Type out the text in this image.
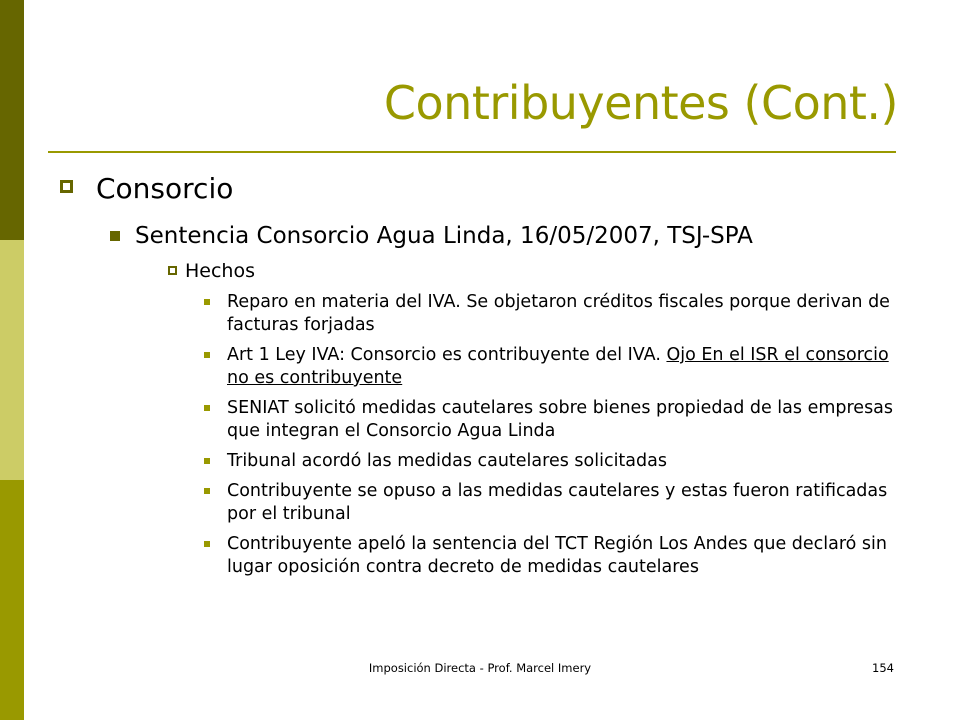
Contribuyentes (Cont.)
Consorcio
Sentencia Consorcio Agua Linda, 16/05/2007, TSJ-SPA
Hechos
Reparo en materia del IVA. Se objetaron créditos fiscales porque derivan de facturas forjadas
Art 1 Ley IVA: Consorcio es contribuyente del IVA. Ojo En el ISR el consorcio no es contribuyente
SENIAT solicitó medidas cautelares sobre bienes propiedad de las empresas que integran el Consorcio Agua Linda
Tribunal acordó las medidas cautelares solicitadas
Contribuyente se opuso a las medidas cautelares y estas fueron ratificadas por el tribunal
Contribuyente apeló la sentencia del TCT Región Los Andes que declaró sin lugar oposición contra decreto de medidas cautelares
Imposición Directa - Prof. Marcel Imery	154
